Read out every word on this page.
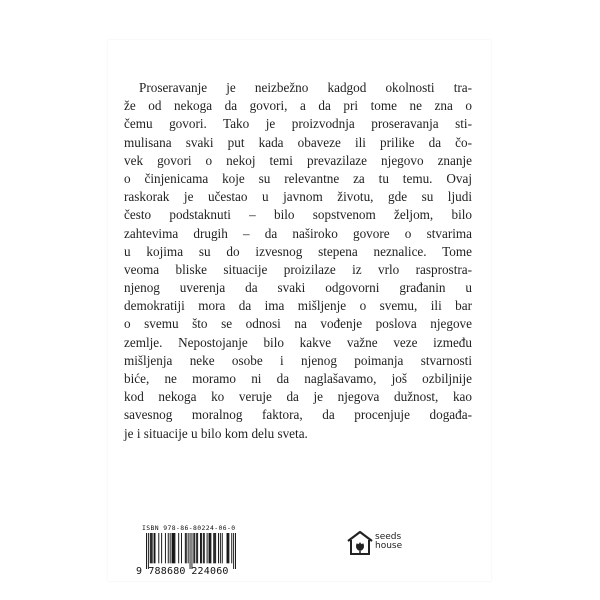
Proseravanje je neizbežno kadgod okolnosti tra-
že od nekoga da govori, a da pri tome ne zna o
čemu govori. Tako je proizvodnja proseravanja sti-
mulisana svaki put kada obaveze ili prilike da čo-
vek govori o nekoj temi prevazilaze njegovo znanje
o činjenicama koje su relevantne za tu temu. Ovaj
raskorak je učestao u javnom životu, gde su ljudi
često podstaknuti – bilo sopstvenom željom, bilo
zahtevima drugih – da naširoko govore o stvarima
u kojima su do izvesnog stepena neznalice. Tome
veoma bliske situacije proizilaze iz vrlo rasprostra-
njenog uverenja da svaki odgovorni građanin u
demokratiji mora da ima mišljenje o svemu, ili bar
o svemu što se odnosi na vođenje poslova njegove
zemlje. Nepostojanje bilo kakve važne veze između
mišljenja neke osobe i njenog poimanja stvarnosti
biće, ne moramo ni da naglašavamo, još ozbiljnije
kod nekoga ko veruje da je njegova dužnost, kao
savesnog moralnog faktora, da procenjuje događa-
je i situacije u bilo kom delu sveta.
ISBN 978-86-80224-06-0
9 788680 224060
seeds
house
